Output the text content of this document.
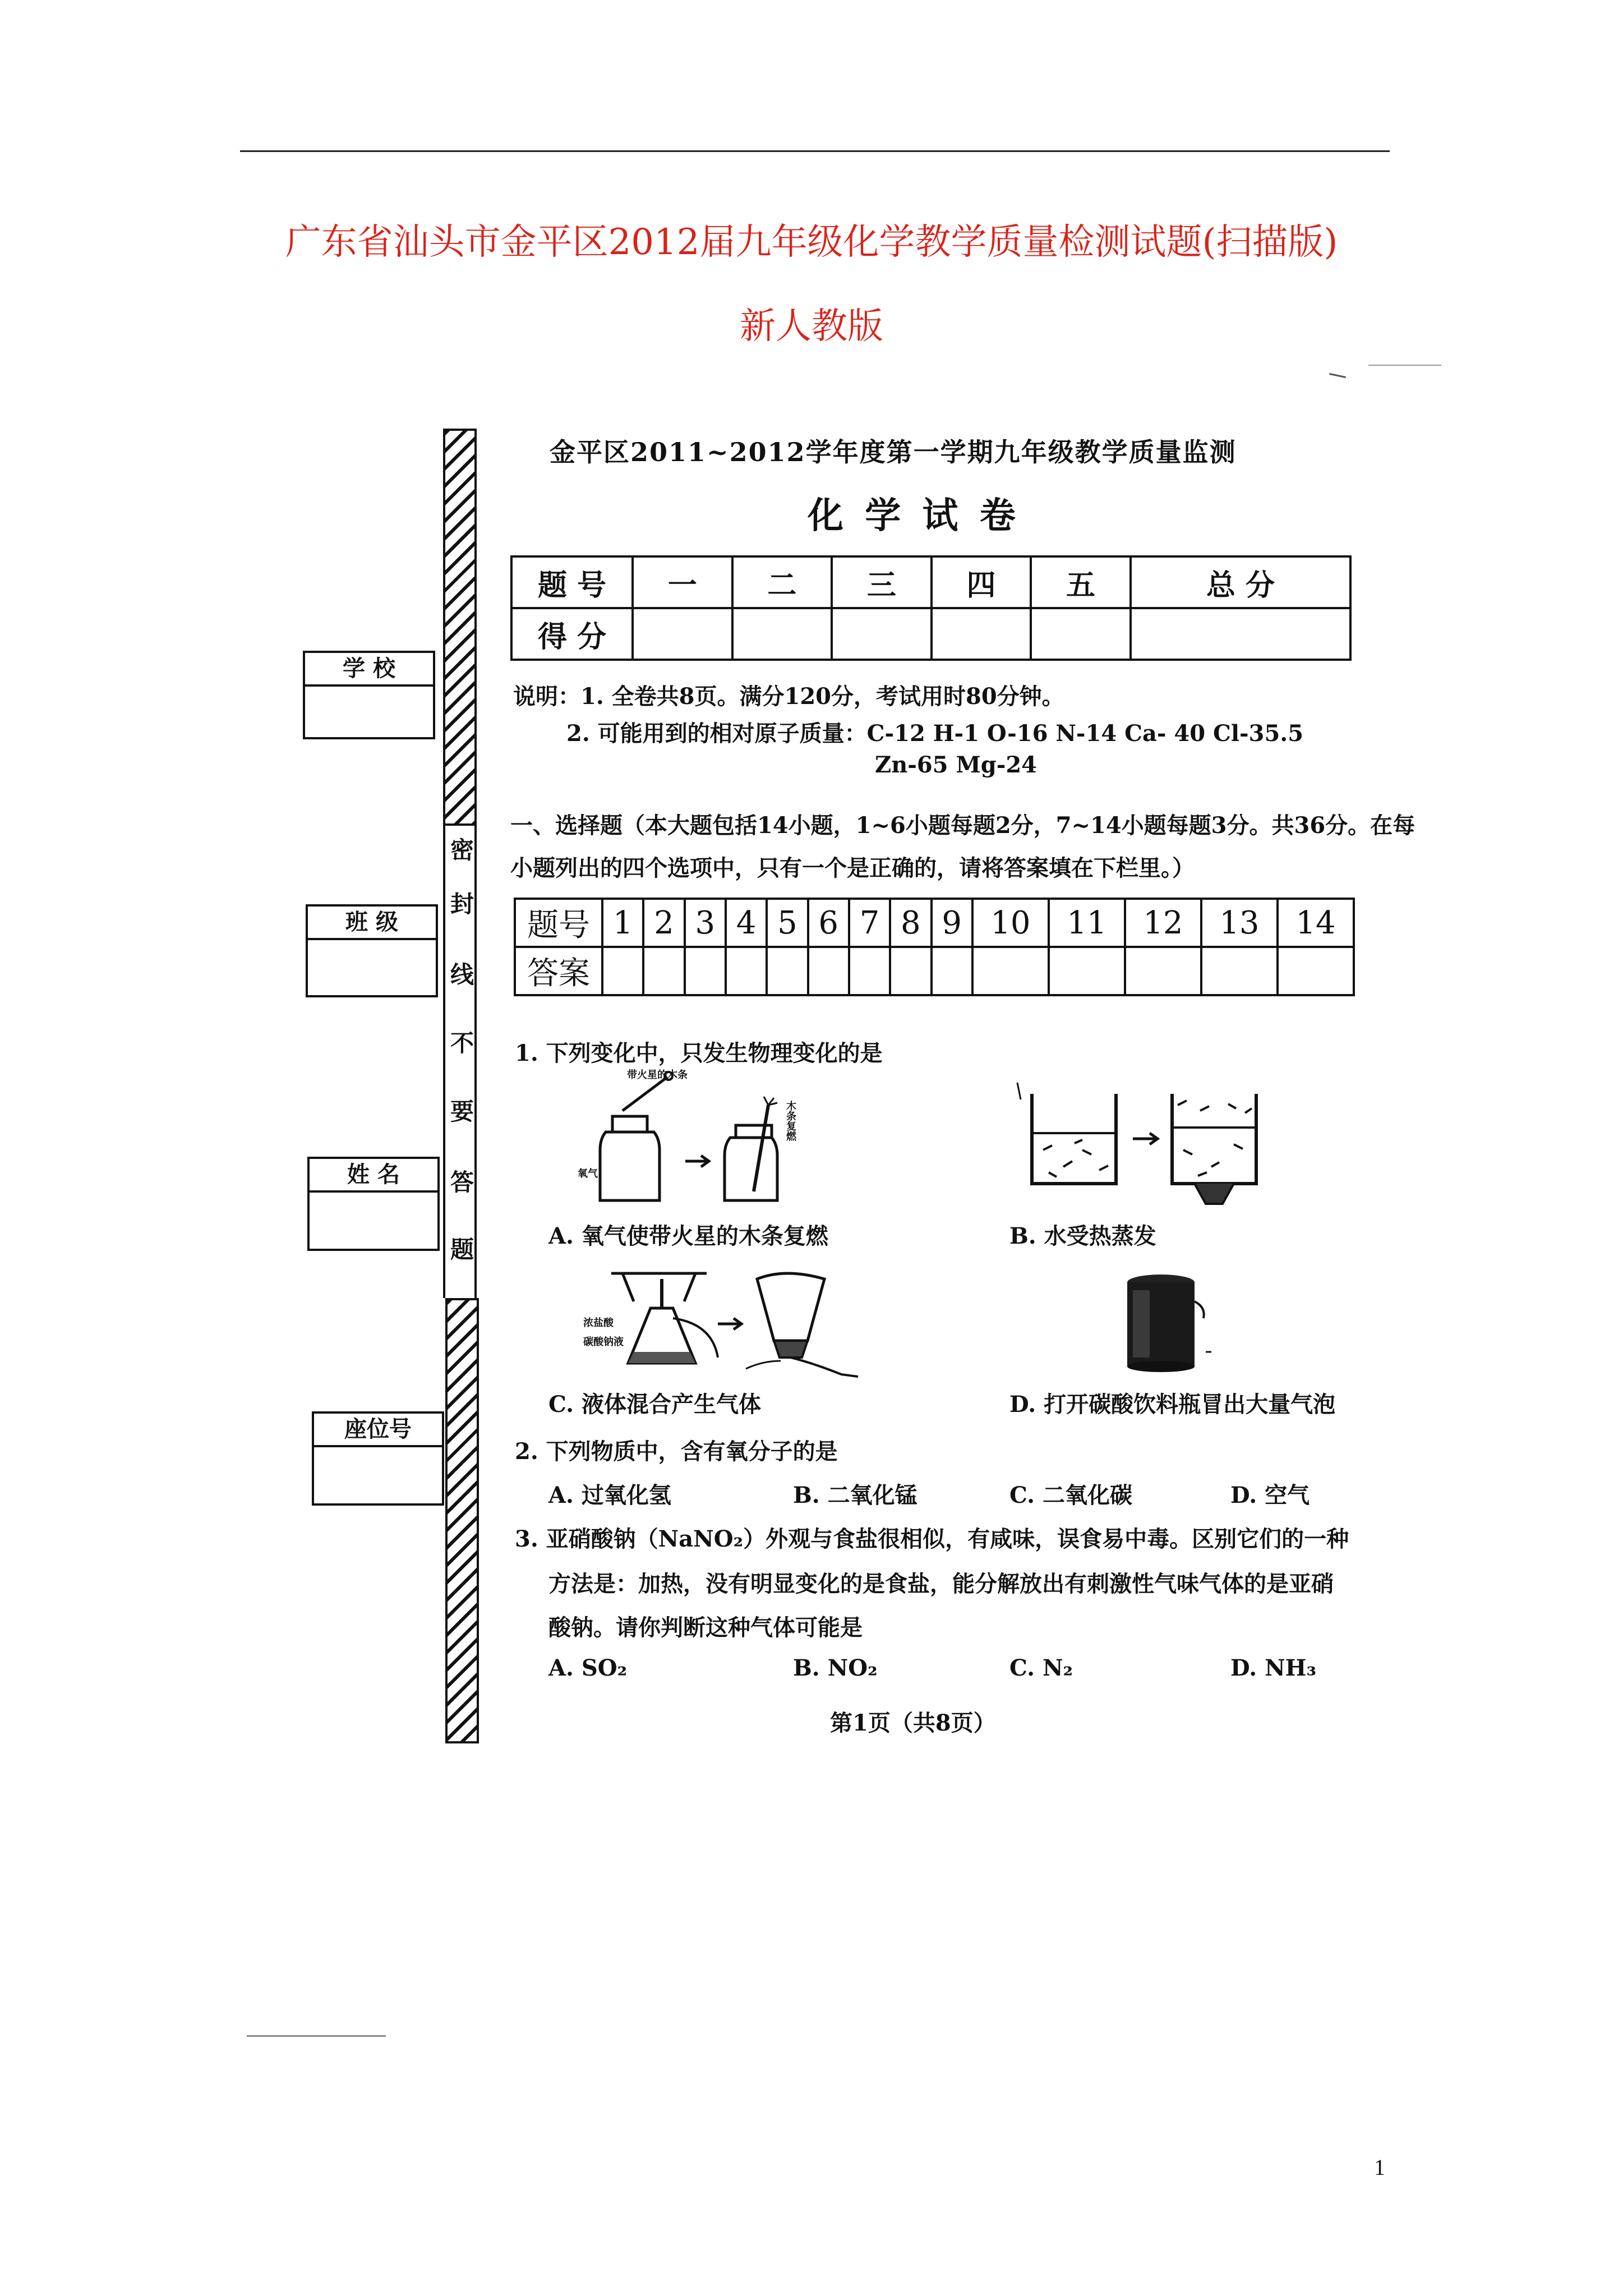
广东省汕头市金平区2012届九年级化学教学质量检测试题(扫描版)
新人教版
学 校
班 级
姓 名
座位号
密
封
线
不
要
答
题
金平区2011~2012学年度第一学期九年级教学质量监测
化 学 试 卷
题 号	一	二	三	四	五	总 分
得 分						
说明：1. 全卷共8页。满分120分，考试用时80分钟。
2. 可能用到的相对原子质量：C-12 H-1 O-16 N-14 Ca- 40 Cl-35.5
Zn-65 Mg-24
一、选择题（本大题包括14小题，1~6小题每题2分，7~14小题每题3分。共36分。在每
小题列出的四个选项中，只有一个是正确的，请将答案填在下栏里。）
题号	1	2	3	4	5	6	7	8	9	10	11	12	13	14
答案														
1. 下列变化中，只发生物理变化的是
带火星的木条
氧气
木条复燃
A. 氧气使带火星的木条复燃	B. 水受热蒸发
浓盐酸
碳酸钠液
C. 液体混合产生气体	D. 打开碳酸饮料瓶冒出大量气泡
2. 下列物质中，含有氧分子的是
A. 过氧化氢	B. 二氧化锰	C. 二氧化碳	D. 空气
3. 亚硝酸钠（NaNO₂）外观与食盐很相似，有咸味，误食易中毒。区别它们的一种
方法是：加热，没有明显变化的是食盐，能分解放出有刺激性气味气体的是亚硝
酸钠。请你判断这种气体可能是
A. SO₂	B. NO₂	C. N₂	D. NH₃
第1页（共8页）
1
